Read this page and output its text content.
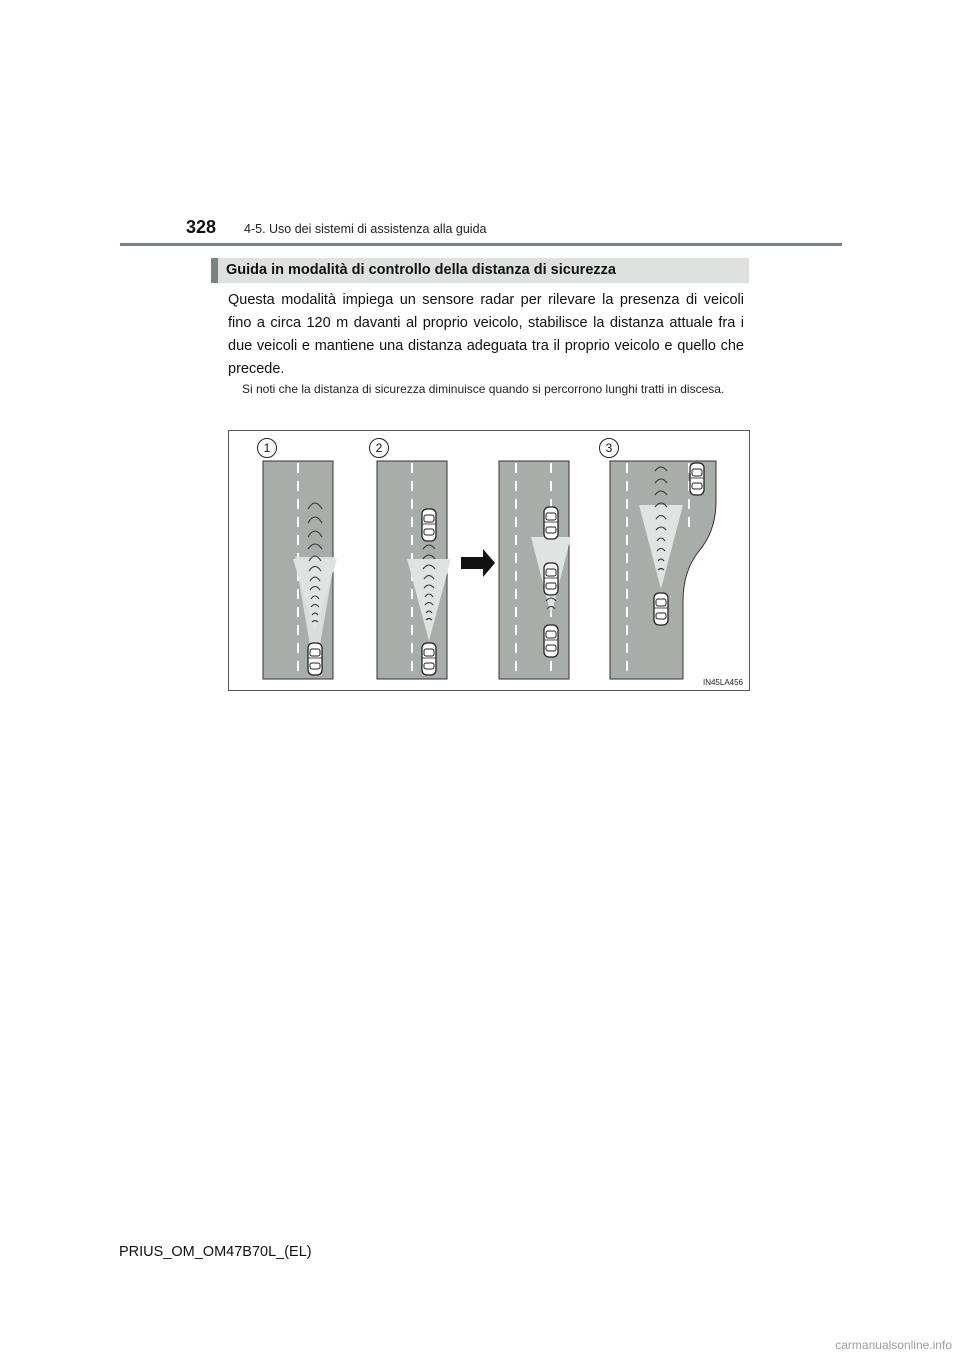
328 4-5. Uso dei sistemi di assistenza alla guida
Guida in modalità di controllo della distanza di sicurezza
Questa modalità impiega un sensore radar per rilevare la presenza di veicoli fino a circa 120 m davanti al proprio veicolo, stabilisce la distanza attuale fra i due veicoli e mantiene una distanza adeguata tra il proprio veicolo e quello che precede.
Si noti che la distanza di sicurezza diminuisce quando si percorrono lunghi tratti in discesa.
1	2	3
IN45LA456
PRIUS_OM_OM47B70L_(EL)
carmanualsonline.info
